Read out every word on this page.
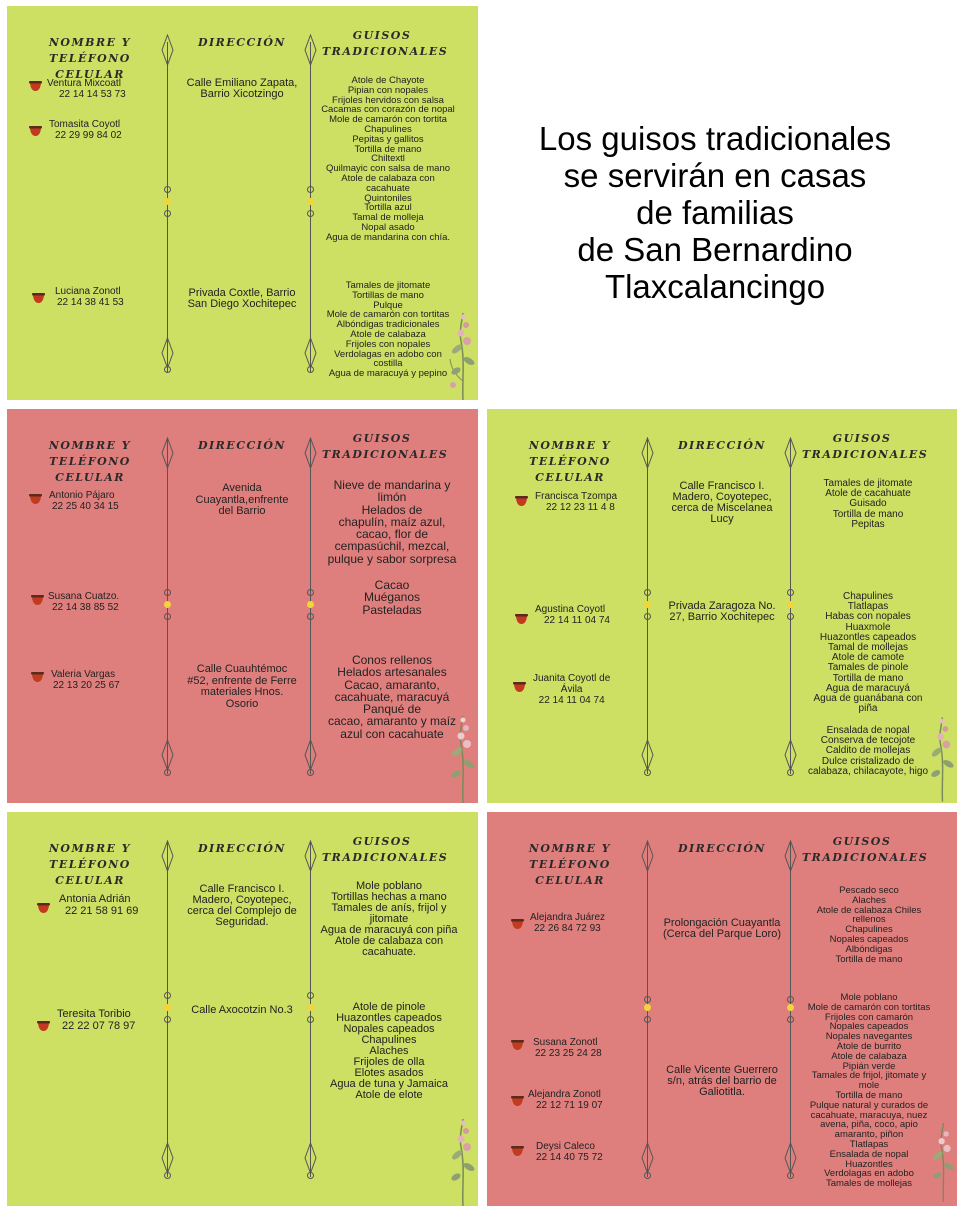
NOMBRE Y TELÉFONO
CELULAR
DIRECCIÓN
GUISOS
TRADICIONALES
Ventura Mixcoatl
22 14 14 53 73
Tomasita Coyotl
22 29 99 84 02
Luciana Zonotl
22 14 38 41 53
Calle Emiliano Zapata,
Barrio Xicotzingo
Privada Coxtle, Barrio
San Diego Xochitepec
Atole de Chayote
Pipian con nopales
Frijoles hervidos con salsa
Cacamas con corazón de nopal
Mole de camarón con tortita
Chapulines
Pepitas y gallitos
Tortilla de mano
Chiltextl
Quilmayic con salsa de mano
Atole de calabaza con
cacahuate
Quintoniles
Tortilla azul
Tamal de molleja
Nopal asado
Agua de mandarina con chía.
Tamales de jitomate
Tortillas de mano
Pulque
Mole de camarón con tortitas
Albóndigas tradicionales
Atole de calabaza
Frijoles con nopales
Verdolagas en adobo con
costilla
Agua de maracuyá y pepino
Los guisos tradicionales
se servirán en casas
de familias
de San Bernardino
Tlaxcalancingo
NOMBRE Y TELÉFONO
CELULAR
DIRECCIÓN
GUISOS
TRADICIONALES
Antonio Pájaro
22 25 40 34 15
Susana Cuatzo.
22 14 38 85 52
Valeria Vargas
22 13 20 25 67
Avenida
Cuayantla,enfrente
del Barrio
Calle Cuauhtémoc
#52, enfrente de Ferre
materiales Hnos.
Osorio
Nieve de mandarina y
limón
Helados de
chapulín, maíz azul,
cacao, flor de
cempasúchil, mezcal,
pulque y sabor sorpresa
Cacao
Muéganos
Pasteladas
Conos rellenos
Helados artesanales
Cacao, amaranto,
cacahuate, maracuyá
Panqué de
cacao, amaranto y maíz
azul con cacahuate
NOMBRE Y TELÉFONO
CELULAR
DIRECCIÓN
GUISOS
TRADICIONALES
Francisca Tzompa
22 12 23 11 4 8
Agustina Coyotl
22 14 11 04 74
Juanita Coyotl de
Ávila
22 14 11 04 74
Calle Francisco I.
Madero, Coyotepec,
cerca de Miscelanea
Lucy
Privada Zaragoza No.
27, Barrio Xochitepec
Tamales de jitomate
Atole de cacahuate
Guisado
Tortilla de mano
Pepitas
Chapulines
Tlatlapas
Habas con nopales
Huaxmole
Huazontles capeados
Tamal de mollejas
Atole de camote
Tamales de pinole
Tortilla de mano
Agua de maracuyá
Agua de guanábana con
piña
Ensalada de nopal
Conserva de tecojote
Caldito de mollejas
Dulce cristalizado de
calabaza, chilacayote, higo
NOMBRE Y TELÉFONO
CELULAR
DIRECCIÓN
GUISOS
TRADICIONALES
Antonia Adrián
22 21 58 91 69
Teresita Toribio
22 22 07 78 97
Calle Francisco I.
Madero, Coyotepec,
cerca del Complejo de
Seguridad.
Calle Axocotzin No.3
Mole poblano
Tortillas hechas a mano
Tamales de anís, frijol y
jitomate
Agua de maracuyá con piña
Atole de calabaza con
cacahuate.
Atole de pinole
Huazontles capeados
Nopales capeados
Chapulines
Alaches
Frijoles de olla
Elotes asados
Agua de tuna y Jamaica
Atole de elote
NOMBRE Y TELÉFONO
CELULAR
DIRECCIÓN
GUISOS
TRADICIONALES
Alejandra Juárez
22 26 84 72 93
Susana Zonotl
22 23 25 24 28
Alejandra Zonotl
22 12 71 19 07
Deysi Caleco
22 14 40 75 72
Prolongación Cuayantla
(Cerca del Parque Loro)
Calle Vicente Guerrero
s/n, atrás del barrio de
Galiotitla.
Pescado seco
Alaches
Atole de calabaza Chiles
rellenos
Chapulines
Nopales capeados
Albóndigas
Tortilla de mano
Mole poblano
Mole de camarón con tortitas
Frijoles con camarón
Nopales capeados
Nopales navegantes
Atole de burrito
Atole de calabaza
Pipián verde
Tamales de frijol, jitomate y
mole
Tortilla de mano
Pulque natural y curados de
cacahuate, maracuya, nuez
avena, piña, coco, apio
amaranto, piñon
Tlatlapas
Ensalada de nopal
Huazontles
Verdolagas en adobo
Tamales de mollejas
